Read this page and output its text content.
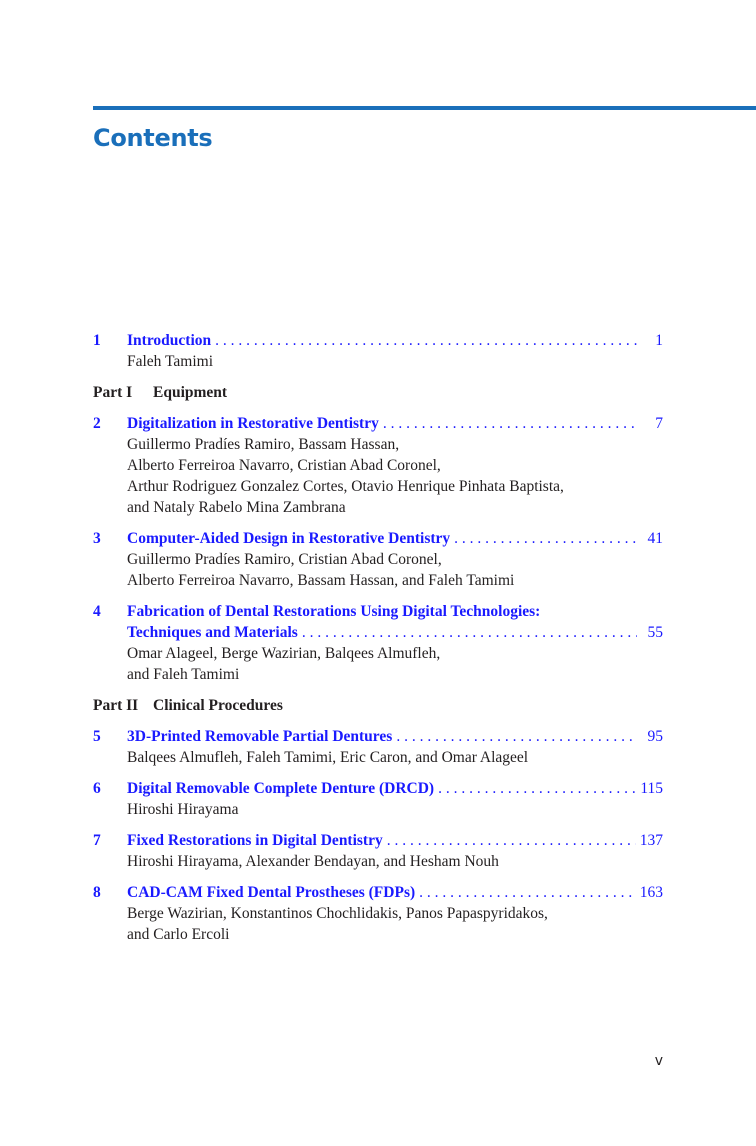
Contents
1 Introduction . . .	1
Faleh Tamimi
Part I Equipment
2 Digitalization in Restorative Dentistry . . .	7
Guillermo Pradíes Ramiro, Bassam Hassan,
Alberto Ferreiroa Navarro, Cristian Abad Coronel,
Arthur Rodriguez Gonzalez Cortes, Otavio Henrique Pinhata Baptista,
and Nataly Rabelo Mina Zambrana
3 Computer-Aided Design in Restorative Dentistry . . .	41
Guillermo Pradíes Ramiro, Cristian Abad Coronel,
Alberto Ferreiroa Navarro, Bassam Hassan, and Faleh Tamimi
4 Fabrication of Dental Restorations Using Digital Technologies:
Techniques and Materials . . .	55
Omar Alageel, Berge Wazirian, Balqees Almufleh,
and Faleh Tamimi
Part II Clinical Procedures
5 3D-Printed Removable Partial Dentures . . .	95
Balqees Almufleh, Faleh Tamimi, Eric Caron, and Omar Alageel
6 Digital Removable Complete Denture (DRCD) . . .	115
Hiroshi Hirayama
7 Fixed Restorations in Digital Dentistry . . .	137
Hiroshi Hirayama, Alexander Bendayan, and Hesham Nouh
8 CAD-CAM Fixed Dental Prostheses (FDPs) . . .	163
Berge Wazirian, Konstantinos Chochlidakis, Panos Papaspyridakos,
and Carlo Ercoli
v
